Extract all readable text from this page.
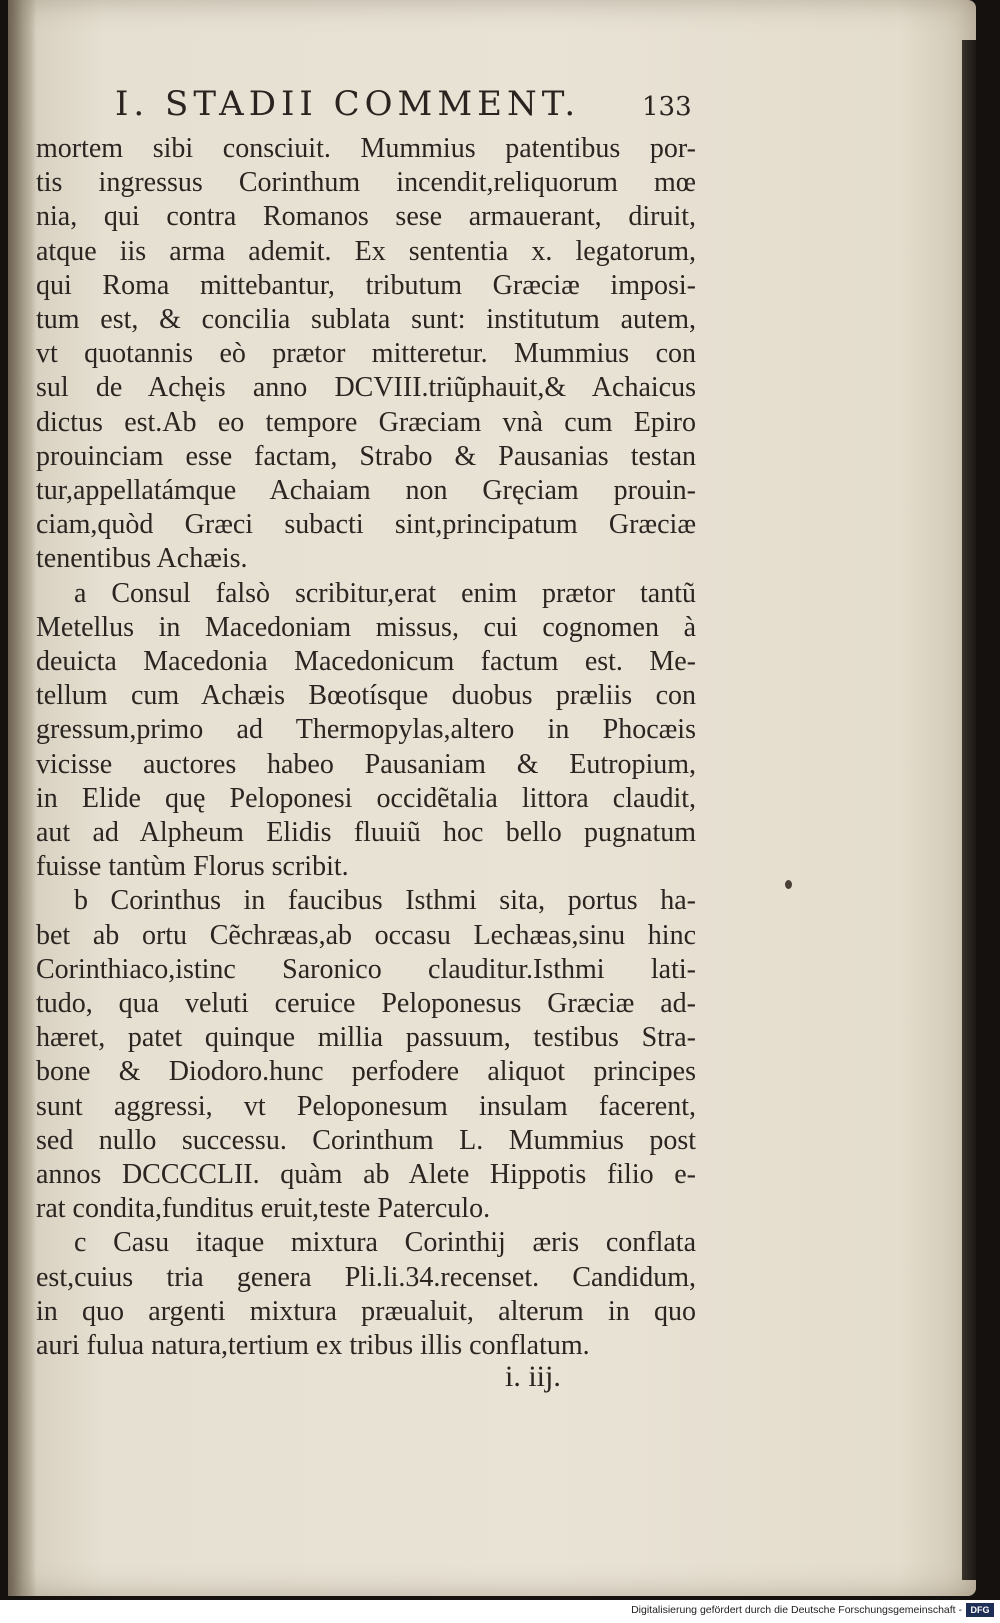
I. STADII COMMENT. 133
mortem sibi consciuit. Mummius patentibus por-
tis ingressus Corinthum incendit,reliquorum mœ
nia, qui contra Romanos sese armauerant, diruit,
atque iis arma ademit. Ex sententia x. legatorum,
qui Roma mittebantur, tributum Græciæ imposi-
tum est, & concilia sublata sunt: institutum autem,
vt quotannis eò prætor mitteretur. Mummius con
sul de Achęis anno DCVIII.triũphauit,& Achaicus
dictus est.Ab eo tempore Græciam vnà cum Epiro
prouinciam esse factam, Strabo & Pausanias testan
tur,appellatámque Achaiam non Gręciam prouin-
ciam,quòd Græci subacti sint,principatum Græciæ
tenentibus Achæis.
a Consul falsò scribitur,erat enim prætor tantũ
Metellus in Macedoniam missus, cui cognomen à
deuicta Macedonia Macedonicum factum est. Me-
tellum cum Achæis Bœotísque duobus præliis con
gressum,primo ad Thermopylas,altero in Phocæis
vicisse auctores habeo Pausaniam & Eutropium,
in Elide quę Peloponesi occidẽtalia littora claudit,
aut ad Alpheum Elidis fluuiũ hoc bello pugnatum
fuisse tantùm Florus scribit.
b Corinthus in faucibus Isthmi sita, portus ha-
bet ab ortu Cẽchræas,ab occasu Lechæas,sinu hinc
Corinthiaco,istinc Saronico clauditur.Isthmi lati-
tudo, qua veluti ceruice Peloponesus Græciæ ad-
hæret, patet quinque millia passuum, testibus Stra-
bone & Diodoro.hunc perfodere aliquot principes
sunt aggressi, vt Peloponesum insulam facerent,
sed nullo successu. Corinthum L. Mummius post
annos DCCCCLII. quàm ab Alete Hippotis filio e-
rat condita,funditus eruit,teste Paterculo.
c Casu itaque mixtura Corinthij æris conflata
est,cuius tria genera Pli.li.34.recenset. Candidum,
in quo argenti mixtura præualuit, alterum in quo
auri fulua natura,tertium ex tribus illis conflatum.
i. iij.
Digitalisierung gefördert durch die Deutsche Forschungsgemeinschaft - DFG
